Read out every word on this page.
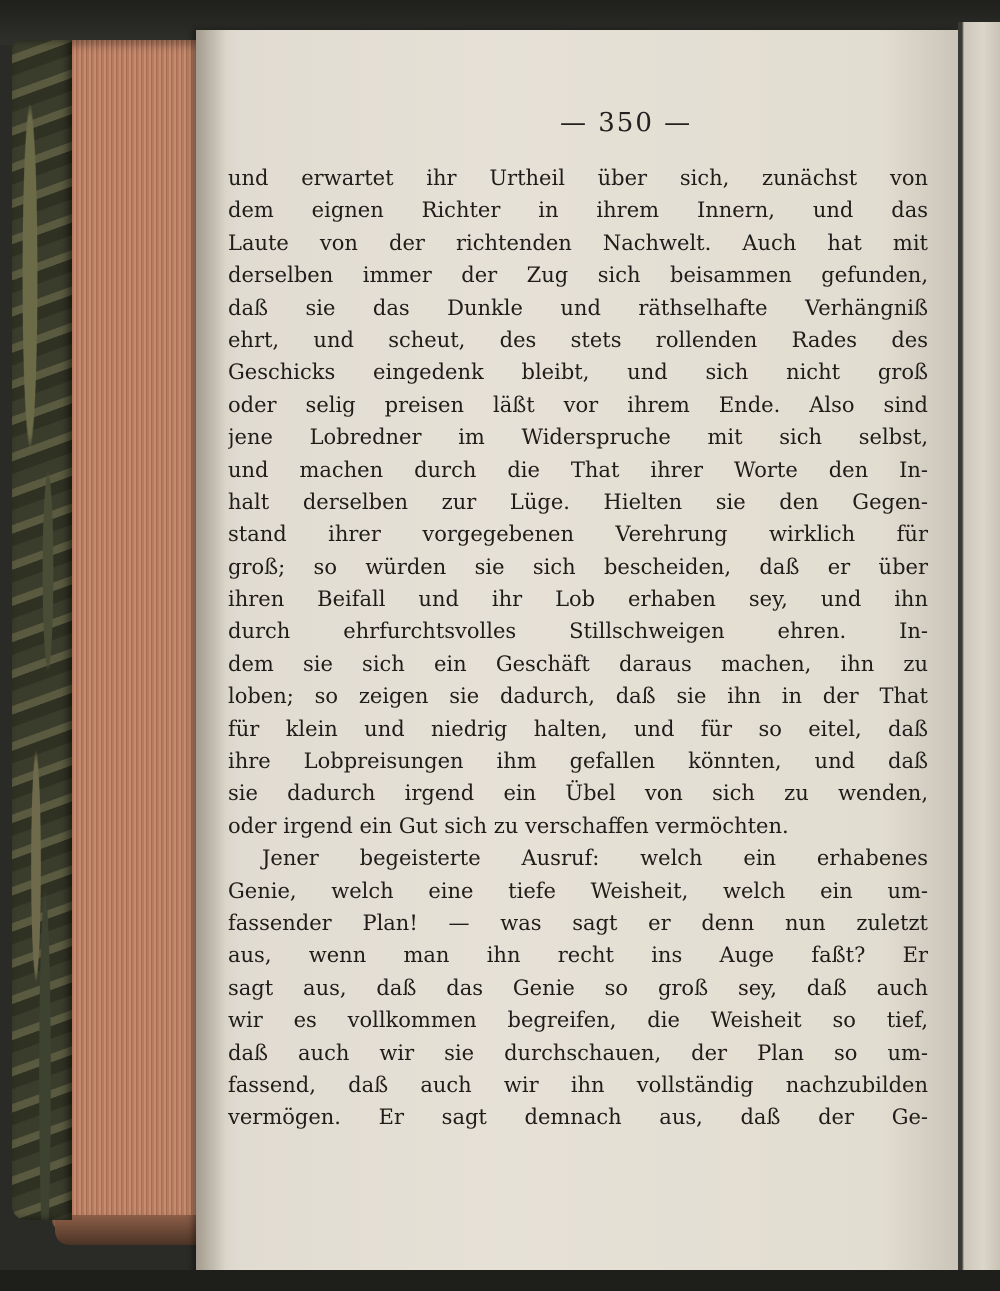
— 350 —
und erwartet ihr Urtheil über sich, zunächst von
dem eignen Richter in ihrem Innern, und das
Laute von der richtenden Nachwelt. Auch hat mit
derselben immer der Zug sich beisammen gefunden,
daß sie das Dunkle und räthselhafte Verhängniß
ehrt, und scheut, des stets rollenden Rades des
Geschicks eingedenk bleibt, und sich nicht groß
oder selig preisen läßt vor ihrem Ende. Also sind
jene Lobredner im Widerspruche mit sich selbst,
und machen durch die That ihrer Worte den In-
halt derselben zur Lüge. Hielten sie den Gegen-
stand ihrer vorgegebenen Verehrung wirklich für
groß; so würden sie sich bescheiden, daß er über
ihren Beifall und ihr Lob erhaben sey, und ihn
durch ehrfurchtsvolles Stillschweigen ehren. In-
dem sie sich ein Geschäft daraus machen, ihn zu
loben; so zeigen sie dadurch, daß sie ihn in der That
für klein und niedrig halten, und für so eitel, daß
ihre Lobpreisungen ihm gefallen könnten, und daß
sie dadurch irgend ein Übel von sich zu wenden,
oder irgend ein Gut sich zu verschaffen vermöchten.
Jener begeisterte Ausruf: welch ein erhabenes
Genie, welch eine tiefe Weisheit, welch ein um-
fassender Plan! — was sagt er denn nun zuletzt
aus, wenn man ihn recht ins Auge faßt? Er
sagt aus, daß das Genie so groß sey, daß auch
wir es vollkommen begreifen, die Weisheit so tief,
daß auch wir sie durchschauen, der Plan so um-
fassend, daß auch wir ihn vollständig nachzubilden
vermögen. Er sagt demnach aus, daß der Ge-
